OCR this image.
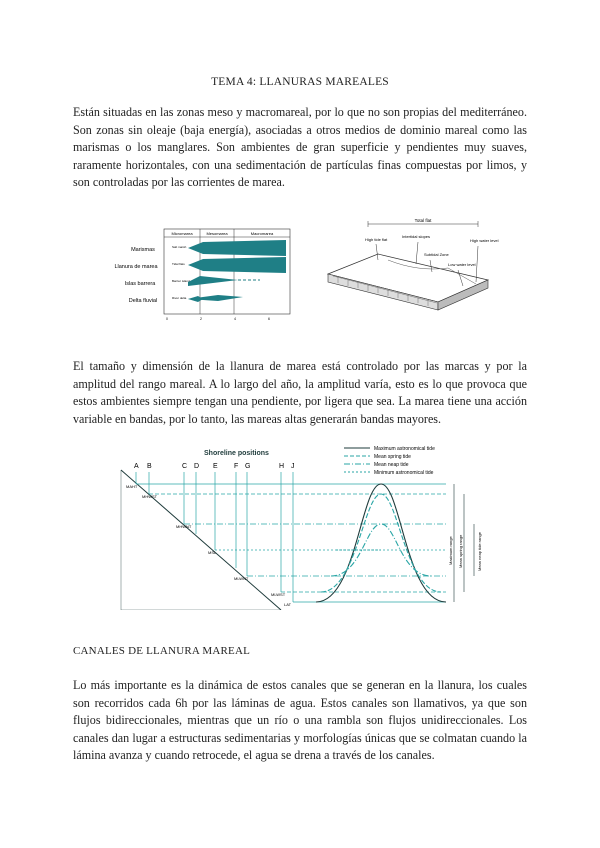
TEMA 4: LLANURAS MAREALES

Están situadas en las zonas meso y macromareal, por lo que no son propias del mediterráneo. Son zonas sin oleaje (baja energía), asociadas a otros medios de dominio mareal como las marismas o los manglares. Son ambientes de gran superficie y pendientes muy suaves, raramente horizontales, con una sedimentación de partículas finas compuestas por limos, y son controladas por las corrientes de marea.

Micromarea	Mesomarea	Macromarea
Marismas
Llanura de marea
Islas barrera
Delta fluvial
Salt marsh
Tidal flats
Barrier island
River delta
0	2	4	6
Total flat
High tide flat
Intertidal slopes
Subtidal Zone
Low water level
High water level

El tamaño y dimensión de la llanura de marea está controlado por las marcas y por la amplitud del rango mareal. A lo largo del año, la amplitud varía, esto es lo que provoca que estos ambientes siempre tengan una pendiente, por ligera que sea. La marea tiene una acción variable en bandas, por lo tanto, las mareas altas generarán bandas mayores.

Shoreline positions
A B	C D E F G	H J
MAHT
MHWST
MHWNT
MSL
MLWNT
MLWST
LAT
Maximum astronomical tide
Mean spring tide
Mean neap tide
Minimum astronomical tide
Maximum range Mean spring range	Mean neap tide range
CANALES DE LLANURA MAREAL

Lo más importante es la dinámica de estos canales que se generan en la llanura, los cuales son recorridos cada 6h por las láminas de agua. Estos canales son llamativos, ya que son flujos bidireccionales, mientras que un río o una rambla son flujos unidireccionales. Los canales dan lugar a estructuras sedimentarias y morfologías únicas que se colmatan cuando la lámina avanza y cuando retrocede, el agua se drena a través de los canales.
